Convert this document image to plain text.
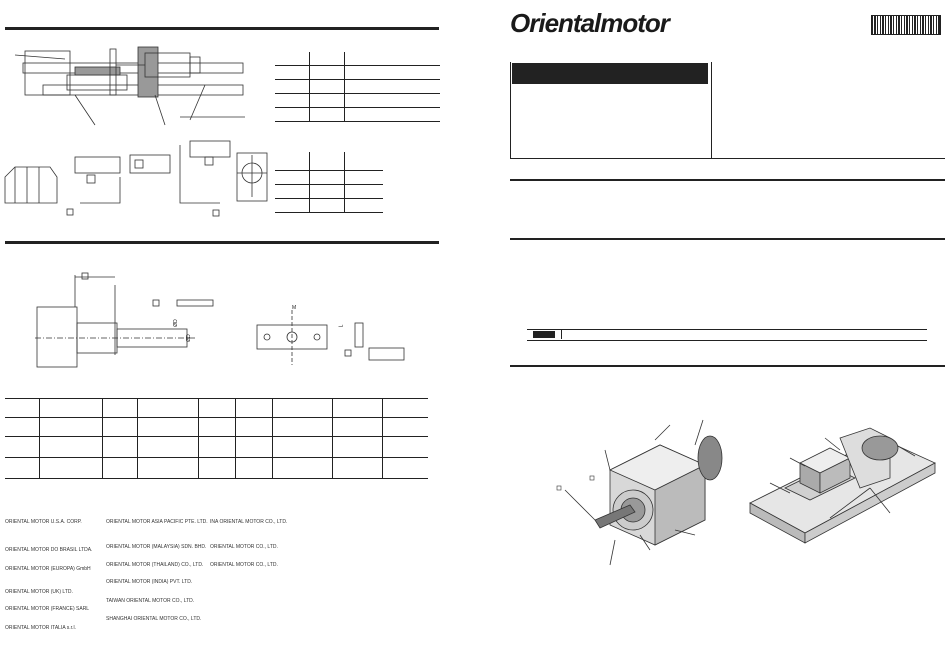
ØD
ØD
M
L

ORIENTAL MOTOR U.S.A. CORP.
ORIENTAL MOTOR DO BRASIL LTDA.
ORIENTAL MOTOR (EUROPA) GmbH
ORIENTAL MOTOR (UK) LTD.
ORIENTAL MOTOR (FRANCE) SARL
ORIENTAL MOTOR ITALIA s.r.l.
ORIENTAL MOTOR ASIA PACIFIC PTE. LTD.
ORIENTAL MOTOR (MALAYSIA) SDN. BHD.
ORIENTAL MOTOR (THAILAND) CO., LTD.
ORIENTAL MOTOR (INDIA) PVT. LTD.
TAIWAN ORIENTAL MOTOR CO., LTD.
SHANGHAI ORIENTAL MOTOR CO., LTD.
INA ORIENTAL MOTOR CO., LTD.
ORIENTAL MOTOR CO., LTD.
ORIENTAL MOTOR CO., LTD.
Orientalmotor
